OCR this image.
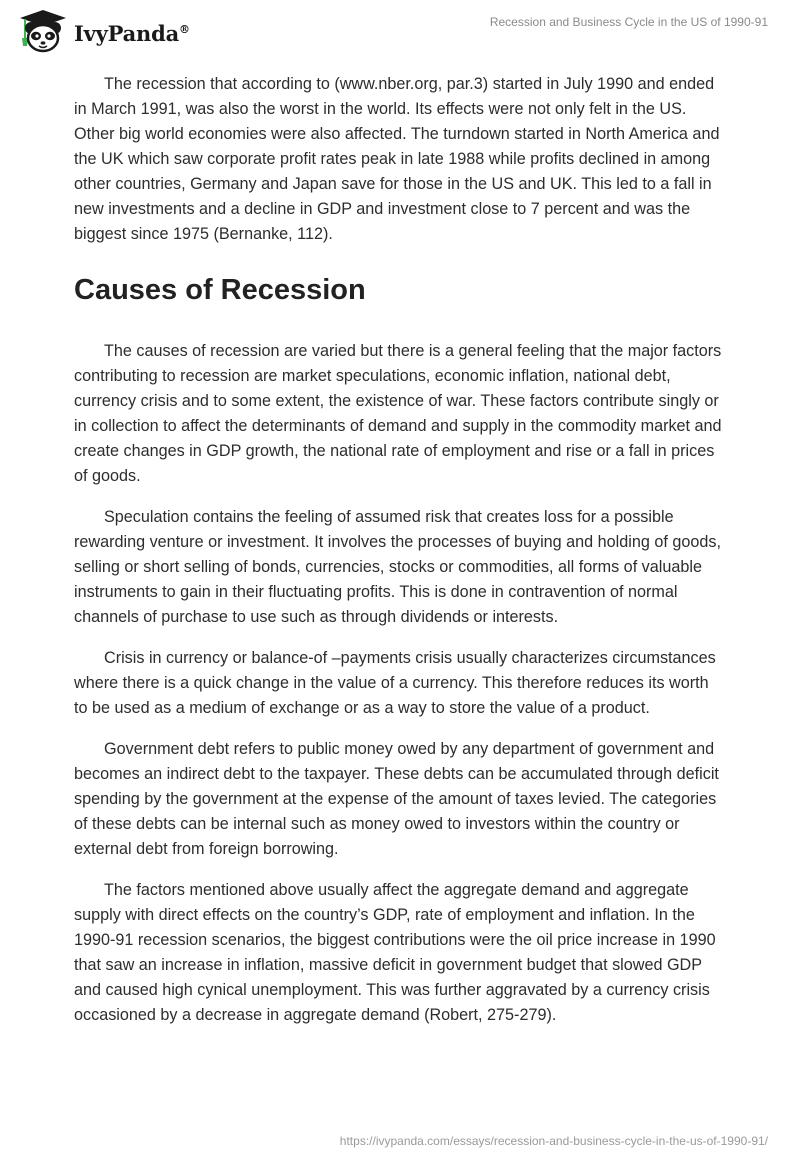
IvyPanda®	Recession and Business Cycle in the US of 1990-91

The recession that according to (www.nber.org, par.3) started in July 1990 and ended in March 1991, was also the worst in the world. Its effects were not only felt in the US. Other big world economies were also affected. The turndown started in North America and the UK which saw corporate profit rates peak in late 1988 while profits declined in among other countries, Germany and Japan save for those in the US and UK. This led to a fall in new investments and a decline in GDP and investment close to 7 percent and was the biggest since 1975 (Bernanke, 112).

Causes of Recession

The causes of recession are varied but there is a general feeling that the major factors contributing to recession are market speculations, economic inflation, national debt, currency crisis and to some extent, the existence of war. These factors contribute singly or in collection to affect the determinants of demand and supply in the commodity market and create changes in GDP growth, the national rate of employment and rise or a fall in prices of goods.

Speculation contains the feeling of assumed risk that creates loss for a possible rewarding venture or investment. It involves the processes of buying and holding of goods, selling or short selling of bonds, currencies, stocks or commodities, all forms of valuable instruments to gain in their fluctuating profits. This is done in contravention of normal channels of purchase to use such as through dividends or interests.

Crisis in currency or balance-of –payments crisis usually characterizes circumstances where there is a quick change in the value of a currency. This therefore reduces its worth to be used as a medium of exchange or as a way to store the value of a product.

Government debt refers to public money owed by any department of government and becomes an indirect debt to the taxpayer. These debts can be accumulated through deficit spending by the government at the expense of the amount of taxes levied. The categories of these debts can be internal such as money owed to investors within the country or external debt from foreign borrowing.

The factors mentioned above usually affect the aggregate demand and aggregate supply with direct effects on the country’s GDP, rate of employment and inflation. In the 1990-91 recession scenarios, the biggest contributions were the oil price increase in 1990 that saw an increase in inflation, massive deficit in government budget that slowed GDP and caused high cynical unemployment. This was further aggravated by a currency crisis occasioned by a decrease in aggregate demand (Robert, 275-279).

https://ivypanda.com/essays/recession-and-business-cycle-in-the-us-of-1990-91/
